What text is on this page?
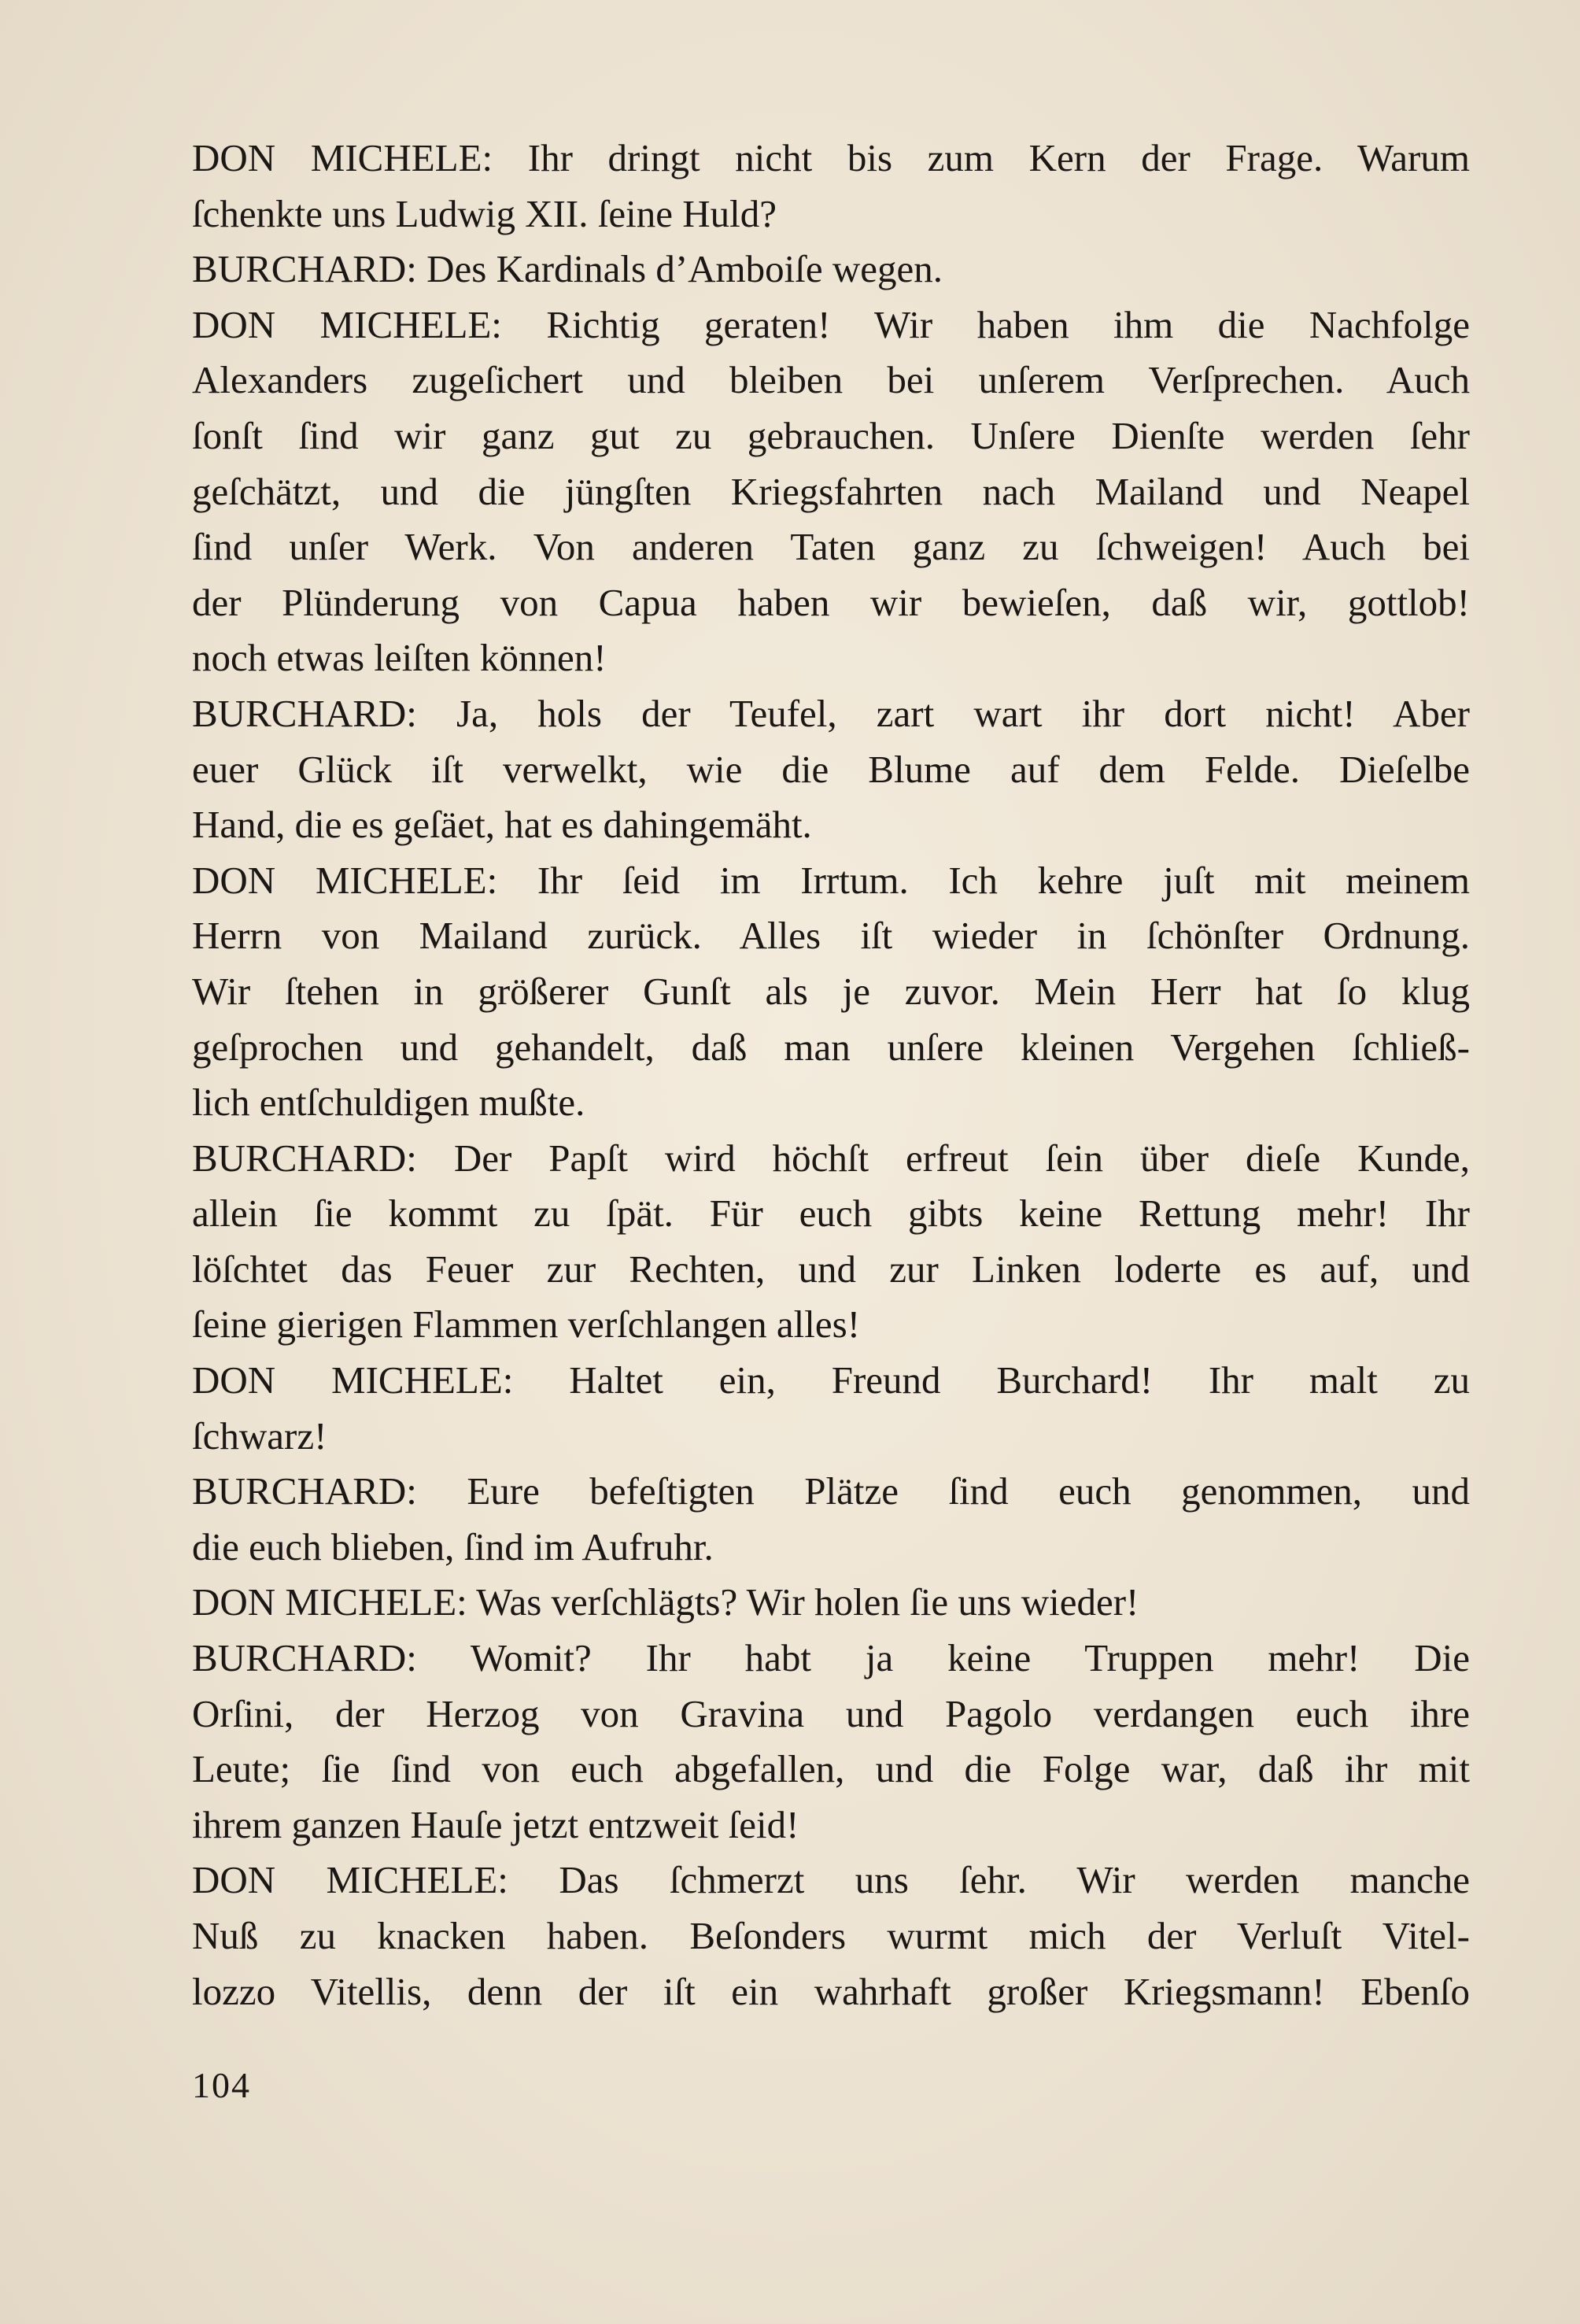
DON MICHELE: Ihr dringt nicht bis zum Kern der Frage. Warum
ſchenkte uns Ludwig XII. ſeine Huld?
BURCHARD: Des Kardinals d’Amboiſe wegen.
DON MICHELE: Richtig geraten! Wir haben ihm die Nachfolge
Alexanders zugeſichert und bleiben bei unſerem Verſprechen. Auch
ſonſt ſind wir ganz gut zu gebrauchen. Unſere Dienſte werden ſehr
geſchätzt, und die jüngſten Kriegsfahrten nach Mailand und Neapel
ſind unſer Werk. Von anderen Taten ganz zu ſchweigen! Auch bei
der Plünderung von Capua haben wir bewieſen, daß wir, gottlob!
noch etwas leiſten können!
BURCHARD: Ja, hols der Teufel, zart wart ihr dort nicht! Aber
euer Glück iſt verwelkt, wie die Blume auf dem Felde. Dieſelbe
Hand, die es geſäet, hat es dahingemäht.
DON MICHELE: Ihr ſeid im Irrtum. Ich kehre juſt mit meinem
Herrn von Mailand zurück. Alles iſt wieder in ſchönſter Ordnung.
Wir ſtehen in größerer Gunſt als je zuvor. Mein Herr hat ſo klug
geſprochen und gehandelt, daß man unſere kleinen Vergehen ſchließ-
lich entſchuldigen mußte.
BURCHARD: Der Papſt wird höchſt erfreut ſein über dieſe Kunde,
allein ſie kommt zu ſpät. Für euch gibts keine Rettung mehr! Ihr
löſchtet das Feuer zur Rechten, und zur Linken loderte es auf, und
ſeine gierigen Flammen verſchlangen alles!
DON MICHELE: Haltet ein, Freund Burchard! Ihr malt zu
ſchwarz!
BURCHARD: Eure befeſtigten Plätze ſind euch genommen, und
die euch blieben, ſind im Aufruhr.
DON MICHELE: Was verſchlägts? Wir holen ſie uns wieder!
BURCHARD: Womit? Ihr habt ja keine Truppen mehr! Die
Orſini, der Herzog von Gravina und Pagolo verdangen euch ihre
Leute; ſie ſind von euch abgefallen, und die Folge war, daß ihr mit
ihrem ganzen Hauſe jetzt entzweit ſeid!
DON MICHELE: Das ſchmerzt uns ſehr. Wir werden manche
Nuß zu knacken haben. Beſonders wurmt mich der Verluſt Vitel-
lozzo Vitellis, denn der iſt ein wahrhaft großer Kriegsmann! Ebenſo
104
